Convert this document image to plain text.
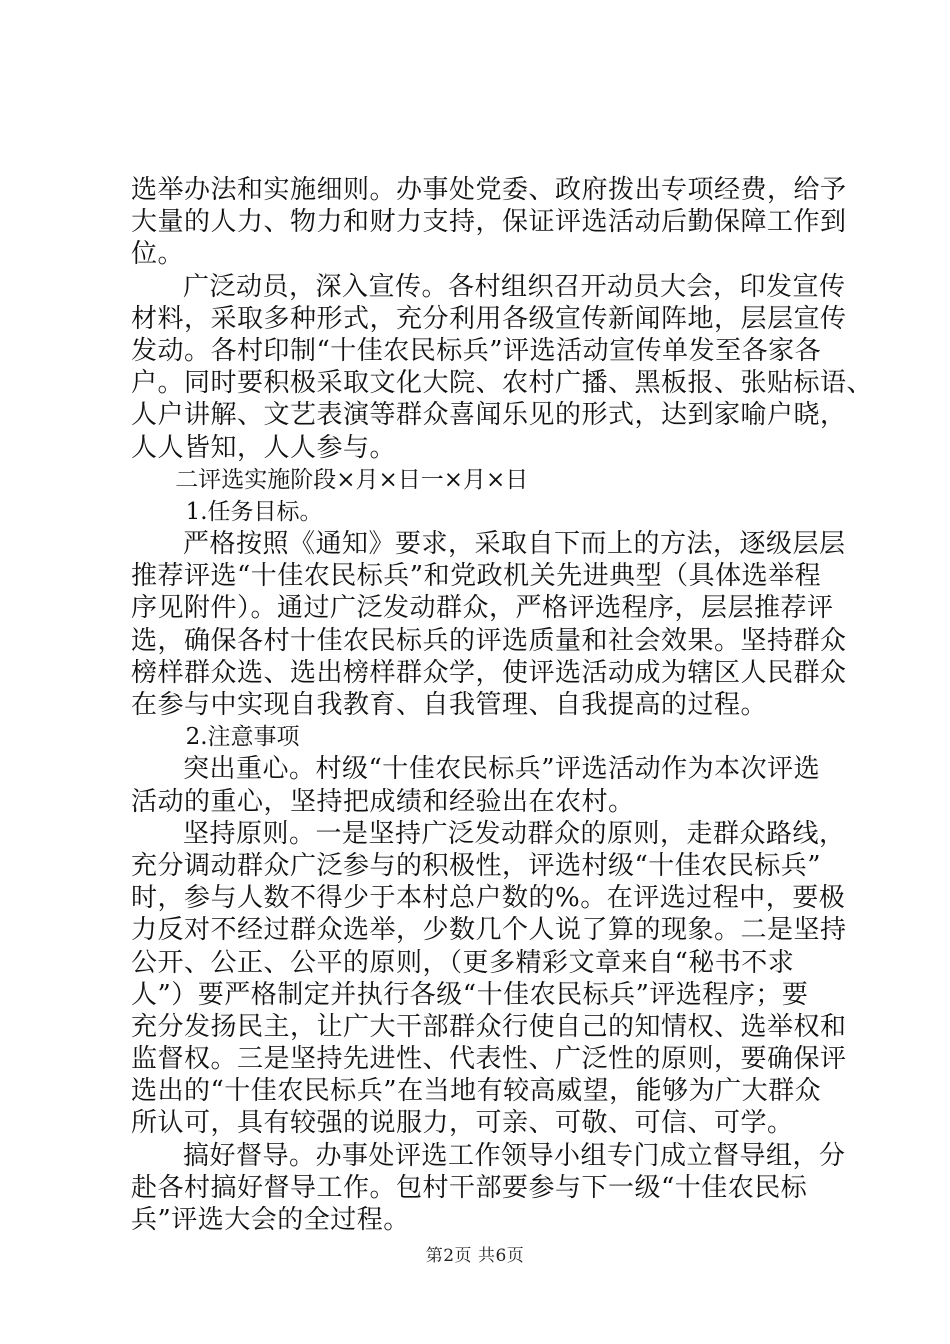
选举办法和实施细则。办事处党委、政府拨出专项经费，给予
大量的人力、物力和财力支持，保证评选活动后勤保障工作到
位。
广泛动员，深入宣传。各村组织召开动员大会，印发宣传
材料，采取多种形式，充分利用各级宣传新闻阵地，层层宣传
发动。各村印制“十佳农民标兵”评选活动宣传单发至各家各
户。同时要积极采取文化大院、农村广播、黑板报、张贴标语、
人户讲解、文艺表演等群众喜闻乐见的形式，达到家喻户晓，
人人皆知，人人参与。
二评选实施阶段×月×日一×月×日
1.任务目标。
严格按照《通知》要求，采取自下而上的方法，逐级层层
推荐评选“十佳农民标兵”和党政机关先进典型（具体选举程
序见附件）。通过广泛发动群众，严格评选程序，层层推荐评
选，确保各村十佳农民标兵的评选质量和社会效果。坚持群众
榜样群众选、选出榜样群众学，使评选活动成为辖区人民群众
在参与中实现自我教育、自我管理、自我提高的过程。
2.注意事项
突出重心。村级“十佳农民标兵”评选活动作为本次评选
活动的重心，坚持把成绩和经验出在农村。
坚持原则。一是坚持广泛发动群众的原则，走群众路线，
充分调动群众广泛参与的积极性，评选村级“十佳农民标兵”
时，参与人数不得少于本村总户数的%。在评选过程中，要极
力反对不经过群众选举，少数几个人说了算的现象。二是坚持
公开、公正、公平的原则，（更多精彩文章来自“秘书不求
人”）要严格制定并执行各级“十佳农民标兵”评选程序；要
充分发扬民主，让广大干部群众行使自己的知情权、选举权和
监督权。三是坚持先进性、代表性、广泛性的原则，要确保评
选出的“十佳农民标兵”在当地有较高威望，能够为广大群众
所认可，具有较强的说服力，可亲、可敬、可信、可学。
搞好督导。办事处评选工作领导小组专门成立督导组，分
赴各村搞好督导工作。包村干部要参与下一级“十佳农民标
兵”评选大会的全过程。
第2页 共6页
